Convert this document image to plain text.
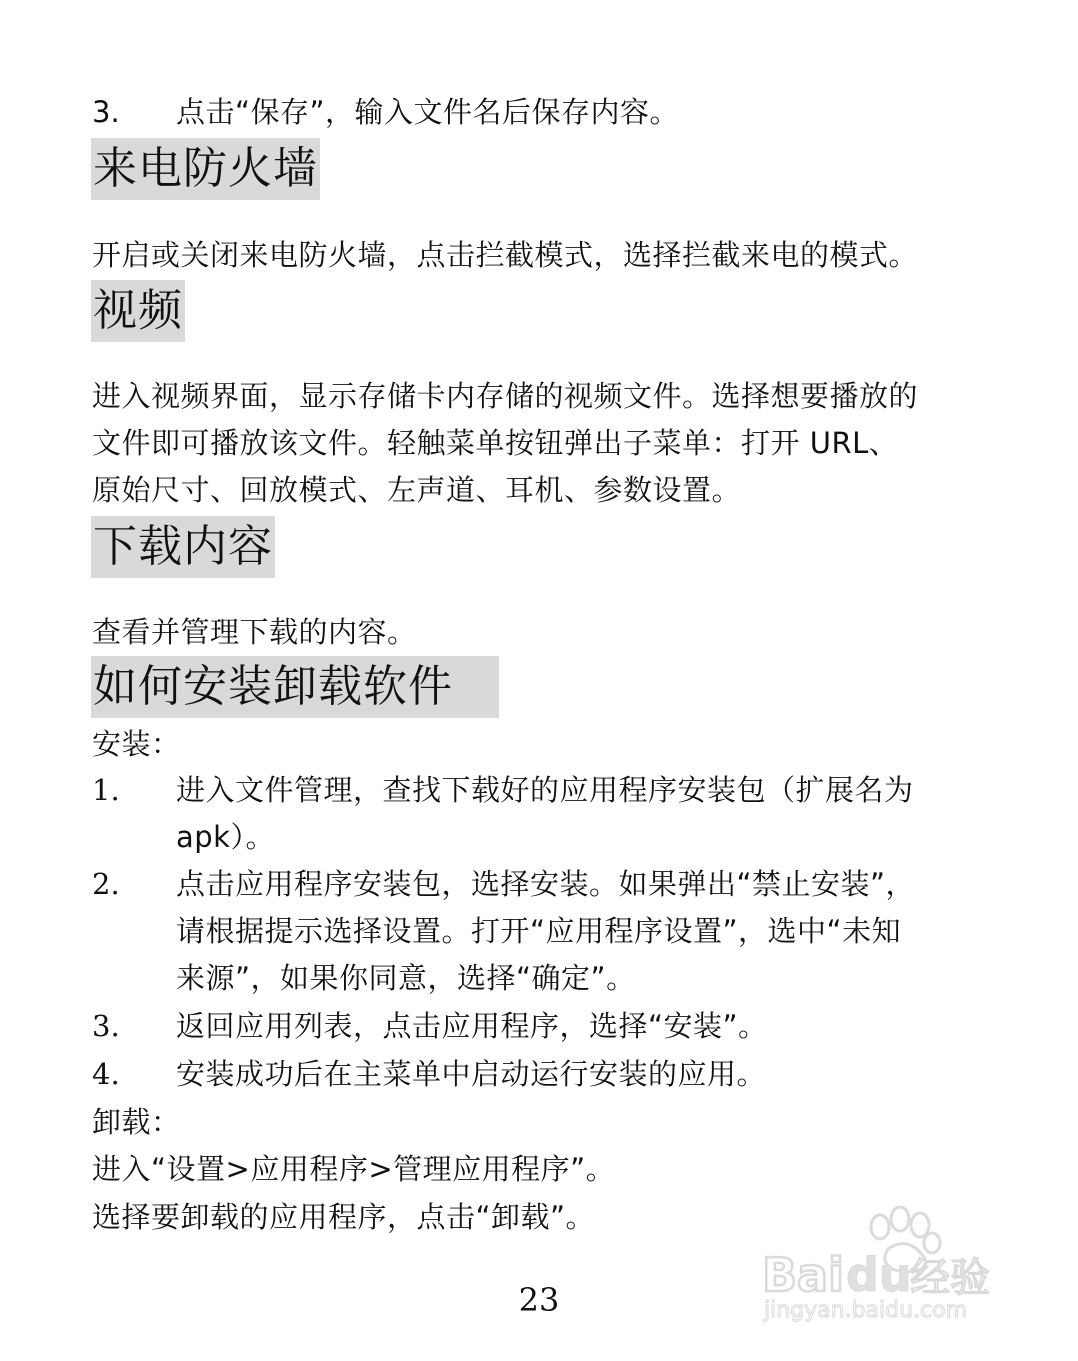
3. 点击“保存”，输入文件名后保存内容。
来电防火墙
开启或关闭来电防火墙，点击拦截模式，选择拦截来电的模式。
视频
进入视频界面，显示存储卡内存储的视频文件。选择想要播放的
文件即可播放该文件。轻触菜单按钮弹出子菜单：打开 URL、
原始尺寸、回放模式、左声道、耳机、参数设置。
下载内容
查看并管理下载的内容。
如何安装卸载软件
安装：
1. 进入文件管理，查找下载好的应用程序安装包（扩展名为
apk）。
2. 点击应用程序安装包，选择安装。如果弹出“禁止安装”，
请根据提示选择设置。打开“应用程序设置”，选中“未知
来源”，如果你同意，选择“确定”。
3. 返回应用列表，点击应用程序，选择“安装”。
4. 安装成功后在主菜单中启动运行安装的应用。
卸载：
进入“设置>应用程序>管理应用程序”。
选择要卸载的应用程序，点击“卸载”。
23	Bai du
经验
jingyan.baidu.com
